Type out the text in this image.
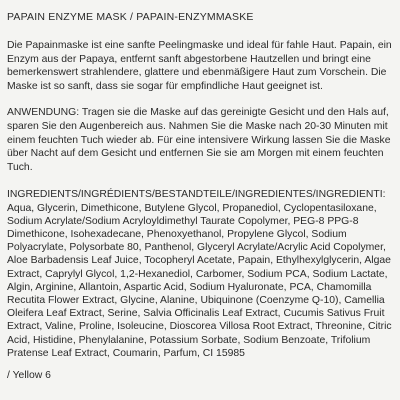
PAPAIN ENZYME MASK / PAPAIN-ENZYMMASKE

Die Papainmaske ist eine sanfte Peelingmaske und ideal für fahle Haut. Papain, ein Enzym aus der Papaya, entfernt sanft abgestorbene Hautzellen und bringt eine bemerkenswert strahlendere, glattere und ebenmäßigere Haut zum Vorschein. Die Maske ist so sanft, dass sie sogar für empfindliche Haut geeignet ist.

ANWENDUNG: Tragen sie die Maske auf das gereinigte Gesicht und den Hals auf, sparen Sie den Augenbereich aus. Nahmen Sie die Maske nach 20-30 Minuten mit einem feuchten Tuch wieder ab. Für eine intensivere Wirkung lassen Sie die Maske über Nacht auf dem Gesicht und entfernen Sie sie am Morgen mit einem feuchten Tuch.

INGREDIENTS/INGRÉDIENTS/BESTANDTEILE/INGREDIENTES/INGREDIENTI: Aqua, Glycerin, Dimethicone, Butylene Glycol, Propanediol, Cyclopentasiloxane, Sodium Acrylate/Sodium Acryloyldimethyl Taurate Copolymer, PEG-8 PPG-8 Dimethicone, Isohexadecane, Phenoxyethanol, Propylene Glycol, Sodium Polyacrylate, Polysorbate 80, Panthenol, Glyceryl Acrylate/Acrylic Acid Copolymer, Aloe Barbadensis Leaf Juice, Tocopheryl Acetate, Papain, Ethylhexylglycerin, Algae Extract, Caprylyl Glycol, 1,2-Hexanediol, Carbomer, Sodium PCA, Sodium Lactate, Algin, Arginine, Allantoin, Aspartic Acid, Sodium Hyaluronate, PCA, Chamomilla Recutita Flower Extract, Glycine, Alanine, Ubiquinone (Coenzyme Q-10), Camellia Oleifera Leaf Extract, Serine, Salvia Officinalis Leaf Extract, Cucumis Sativus Fruit Extract, Valine, Proline, Isoleucine, Dioscorea Villosa Root Extract, Threonine, Citric Acid, Histidine, Phenylalanine, Potassium Sorbate, Sodium Benzoate, Trifolium Pratense Leaf Extract, Coumarin, Parfum, CI 15985

/ Yellow 6
